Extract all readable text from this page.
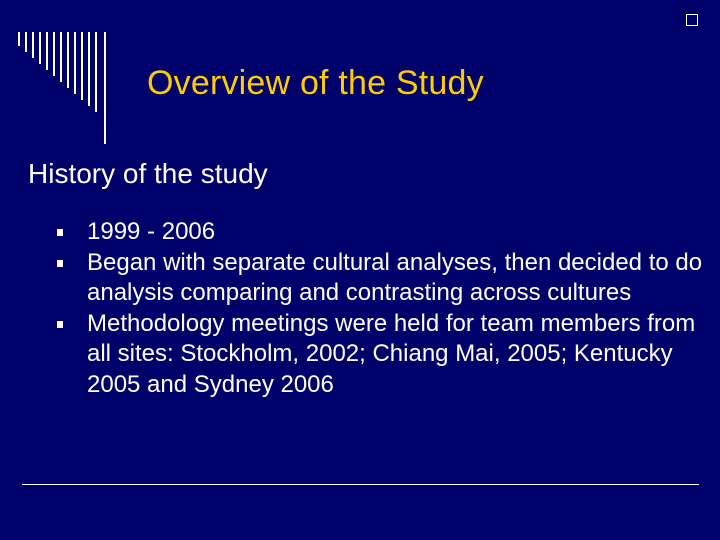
Overview of the Study
History of the study
1999 - 2006
Began with separate cultural analyses, then decided to do analysis comparing and contrasting across cultures
Methodology meetings were held for team members from all sites: Stockholm, 2002; Chiang Mai, 2005; Kentucky 2005 and Sydney 2006
